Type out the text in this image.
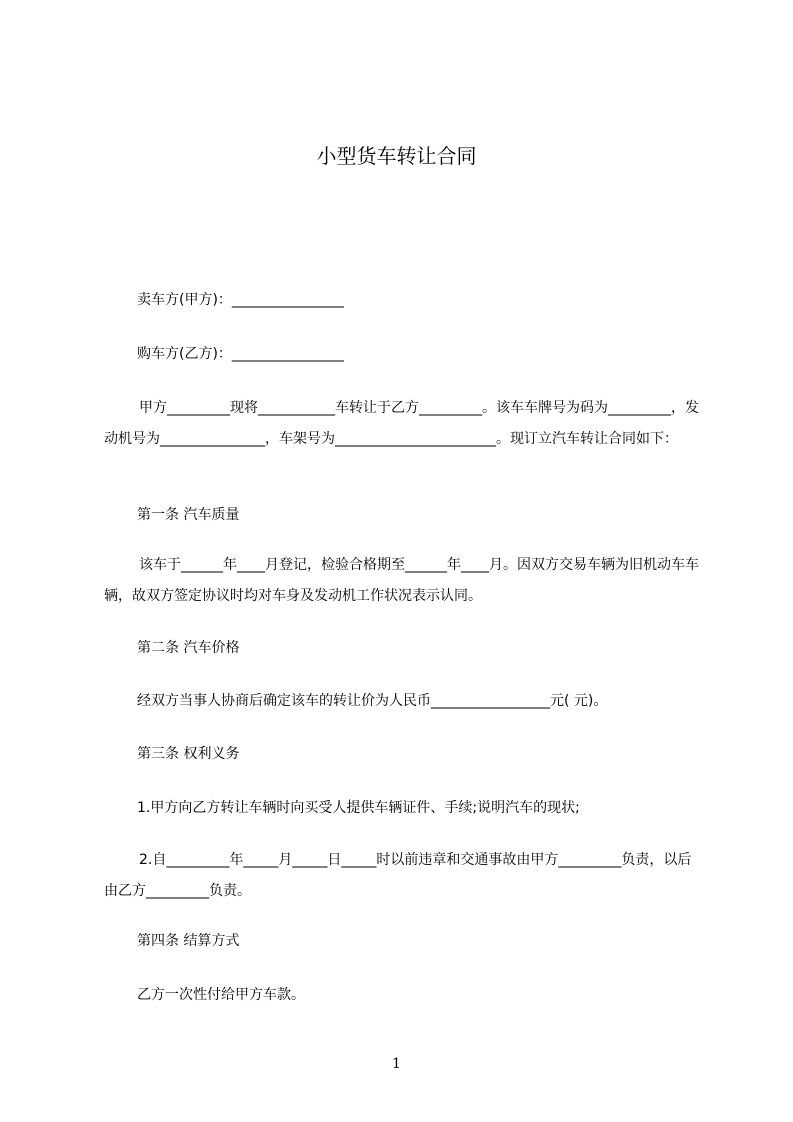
小型货车转让合同
卖车方(甲方)：________________
购车方(乙方)：________________
甲方_________现将___________车转让于乙方_________。该车车牌号为码为_________，发动机号为_______________，车架号为_______________________。现订立汽车转让合同如下：
第一条 汽车质量
该车于______年____月登记，检验合格期至______年____月。因双方交易车辆为旧机动车车辆，故双方签定协议时均对车身及发动机工作状况表示认同。
第二条 汽车价格
经双方当事人协商后确定该车的转让价为人民币_________________元( 元)。
第三条 权利义务
1.甲方向乙方转让车辆时向买受人提供车辆证件、手续;说明汽车的现状;
2.自_________年_____月_____日_____时以前违章和交通事故由甲方_________负责，以后由乙方_________负责。
第四条 结算方式
乙方一次性付给甲方车款。
1
